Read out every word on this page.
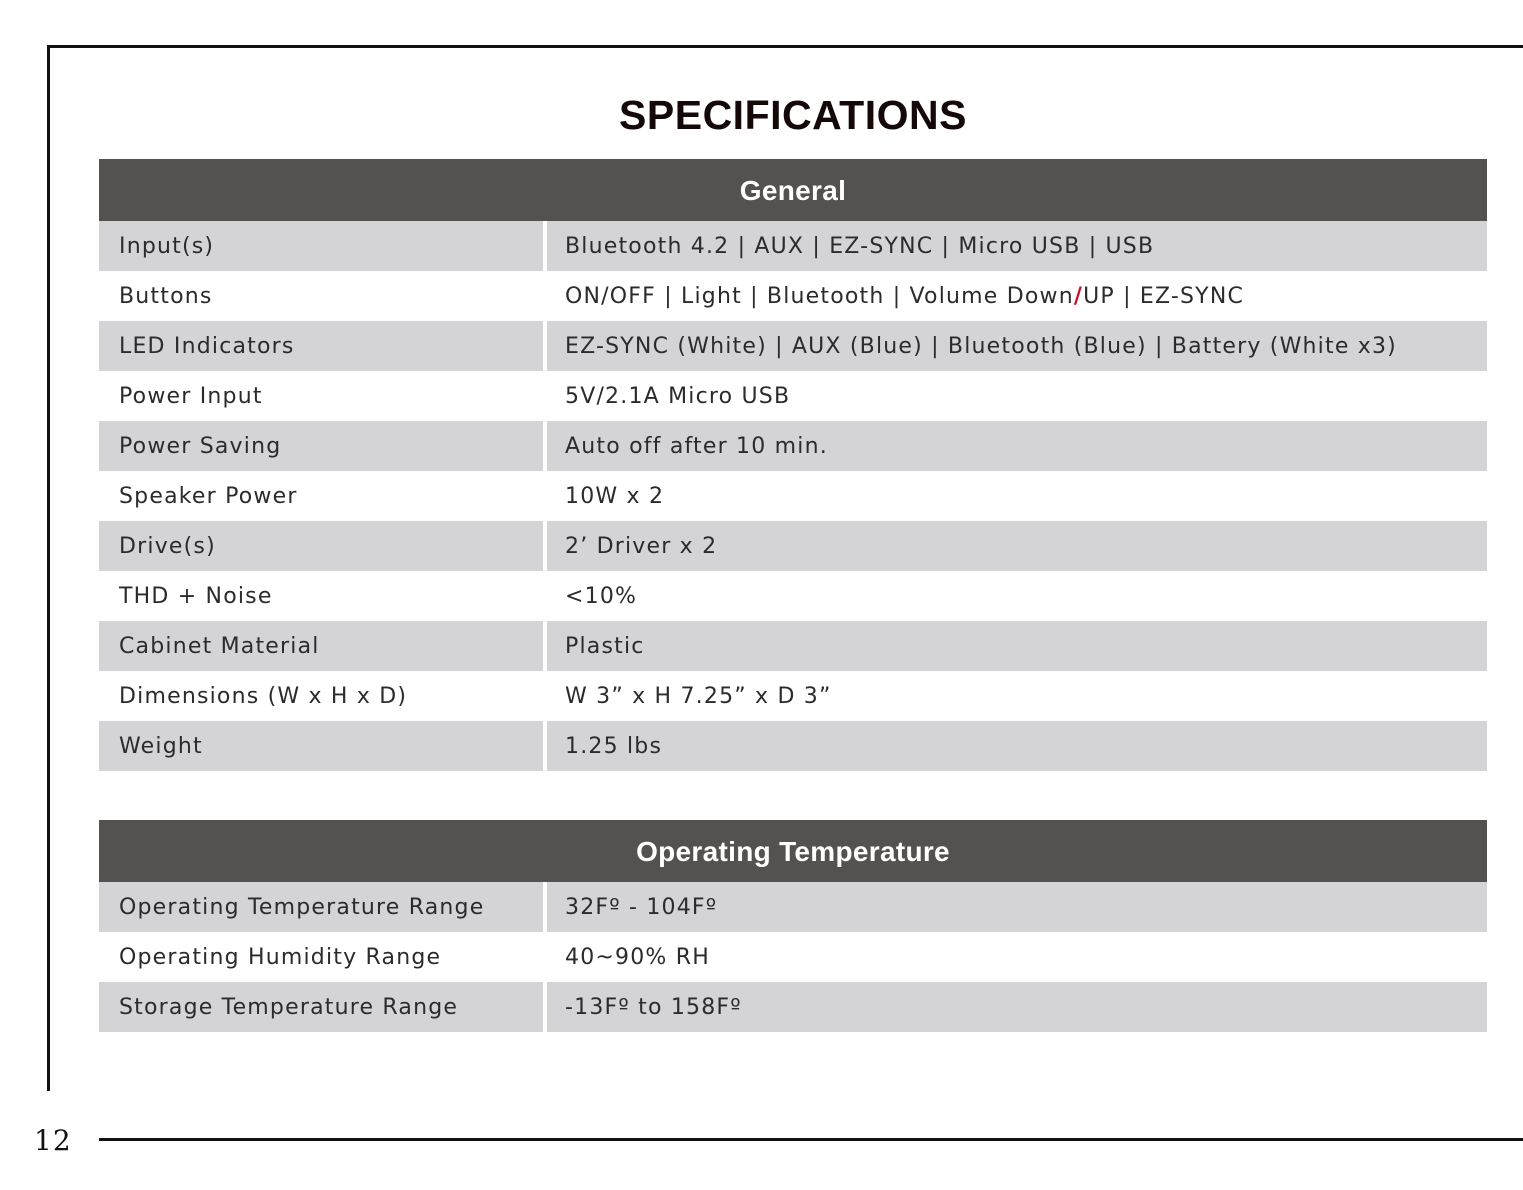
SPECIFICATIONS
General
Input(s)	Bluetooth 4.2 | AUX | EZ-SYNC | Micro USB | USB
Buttons	ON/OFF | Light | Bluetooth | Volume Down/UP | EZ-SYNC
LED Indicators	EZ-SYNC (White) | AUX (Blue) | Bluetooth (Blue) | Battery (White x3)
Power Input	5V/2.1A Micro USB
Power Saving	Auto off after 10 min.
Speaker Power	10W x 2
Drive(s)	2’ Driver x 2
THD + Noise	<10%
Cabinet Material	Plastic
Dimensions (W x H x D)	W 3” x H 7.25” x D 3”
Weight	1.25 lbs
Operating Temperature
Operating Temperature Range	32Fº - 104Fº
Operating Humidity Range	40~90% RH
Storage Temperature Range	-13Fº to 158Fº
12
